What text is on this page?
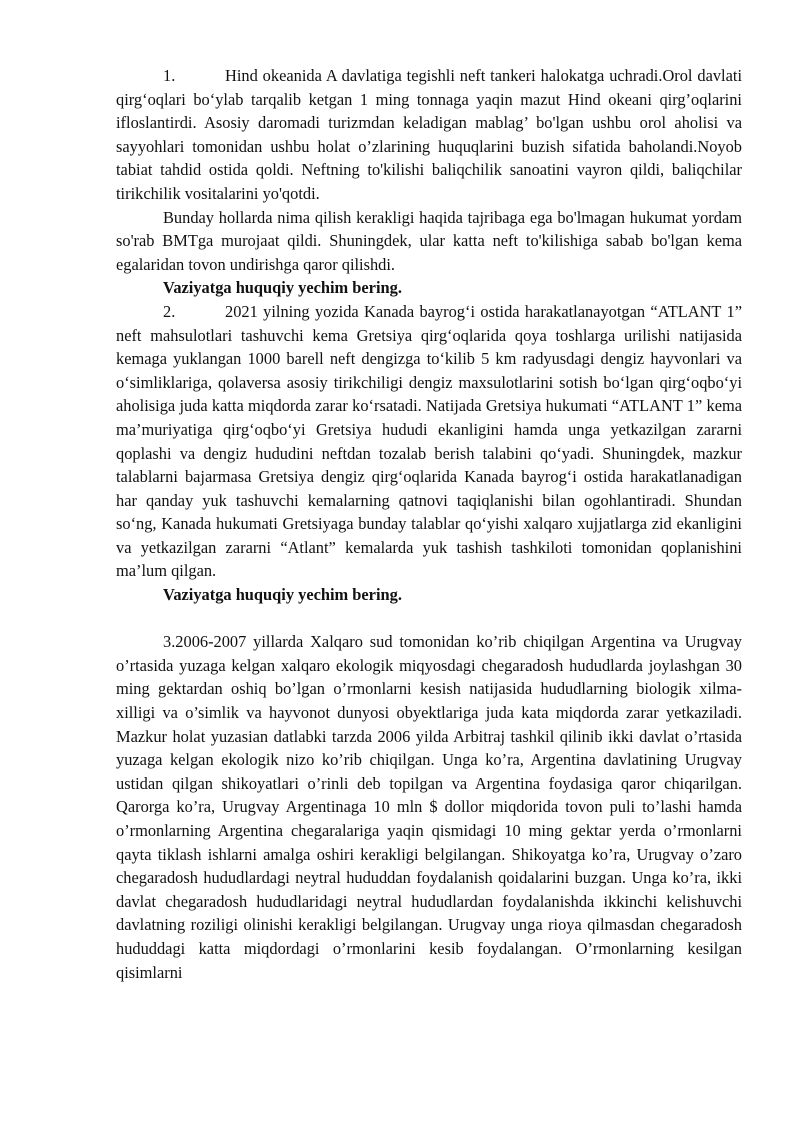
1.	Hind okeanida A davlatiga tegishli neft tankeri halokatga uchradi.Orol davlati qirg‘oqlari bo‘ylab tarqalib ketgan 1 ming tonnaga yaqin mazut Hind okeani qirg’oqlarini ifloslantirdi. Asosiy daromadi turizmdan keladigan mablag’ bo'lgan ushbu orol aholisi va sayyohlari tomonidan ushbu holat o’zlarining huquqlarini buzish sifatida baholandi.Noyob tabiat tahdid ostida qoldi. Neftning to'kilishi baliqchilik sanoatini vayron qildi, baliqchilar tirikchilik vositalarini yo'qotdi.

Bunday hollarda nima qilish kerakligi haqida tajribaga ega bo'lmagan hukumat yordam so'rab BMTga murojaat qildi. Shuningdek, ular katta neft to'kilishiga sabab bo'lgan kema egalaridan tovon undirishga qaror qilishdi.

Vaziyatga huquqiy yechim bering.

2.	2021 yilning yozida Kanada bayrog‘i ostida harakatlanayotgan “ATLANT 1” neft mahsulotlari tashuvchi kema Gretsiya qirg‘oqlarida qoya toshlarga urilishi natijasida kemaga yuklangan 1000 barell neft dengizga to‘kilib 5 km radyusdagi dengiz hayvonlari va o‘simliklariga, qolaversa asosiy tirikchiligi dengiz maxsulotlarini sotish bo‘lgan qirg‘oqbo‘yi aholisiga juda katta miqdorda zarar ko‘rsatadi. Natijada Gretsiya hukumati “ATLANT 1” kema ma’muriyatiga qirg‘oqbo‘yi Gretsiya hududi ekanligini hamda unga yetkazilgan zararni qoplashi va dengiz hududini neftdan tozalab berish talabini qo‘yadi. Shuningdek, mazkur talablarni bajarmasa Gretsiya dengiz qirg‘oqlarida Kanada bayrog‘i ostida harakatlanadigan har qanday yuk tashuvchi kemalarning qatnovi taqiqlanishi bilan ogohlantiradi. Shundan so‘ng, Kanada hukumati Gretsiyaga bunday talablar qo‘yishi xalqaro xujjatlarga zid ekanligini va yetkazilgan zararni “Atlant” kemalarda yuk tashish tashkiloti tomonidan qoplanishini ma’lum qilgan.

Vaziyatga huquqiy yechim bering.

3.2006-2007 yillarda Xalqaro sud tomonidan ko’rib chiqilgan Argentina va Urugvay o’rtasida yuzaga kelgan xalqaro ekologik miqyosdagi chegaradosh hududlarda joylashgan 30 ming gektardan oshiq bo’lgan o’rmonlarni kesish natijasida hududlarning biologik xilma-xilligi va o’simlik va hayvonot dunyosi obyektlariga juda kata miqdorda zarar yetkaziladi. Mazkur holat yuzasian datlabki tarzda 2006 yilda Arbitraj tashkil qilinib ikki davlat o’rtasida yuzaga kelgan ekologik nizo ko’rib chiqilgan. Unga ko’ra, Argentina davlatining Urugvay ustidan qilgan shikoyatlari o’rinli deb topilgan va Argentina foydasiga qaror chiqarilgan. Qarorga ko’ra, Urugvay Argentinaga 10 mln $ dollor miqdorida tovon puli to’lashi hamda o’rmonlarning Argentina chegaralariga yaqin qismidagi 10 ming gektar yerda o’rmonlarni qayta tiklash ishlarni amalga oshiri kerakligi belgilangan. Shikoyatga ko’ra, Urugvay o’zaro chegaradosh hududlardagi neytral hududdan foydalanish qoidalarini buzgan. Unga ko’ra, ikki davlat chegaradosh hududlaridagi neytral hududlardan foydalanishda ikkinchi kelishuvchi davlatning roziligi olinishi kerakligi belgilangan. Urugvay unga rioya qilmasdan chegaradosh hududdagi katta miqdordagi o’rmonlarini kesib foydalangan. O’rmonlarning kesilgan qisimlarni
